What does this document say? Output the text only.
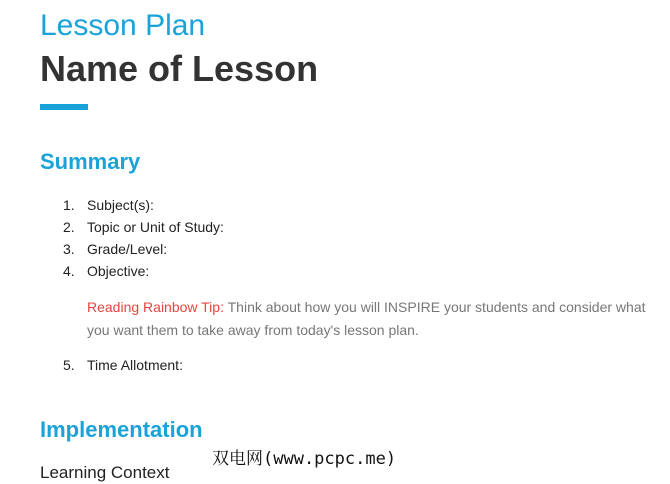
Lesson Plan

Name of Lesson
Summary
1. Subject(s):
2. Topic or Unit of Study:
3. Grade/Level:
4. Objective:

Reading Rainbow Tip: Think about how you will INSPIRE your students and consider what you want them to take away from today's lesson plan.

5. Time Allotment:
Implementation
Learning Context
双电网(www.pcpc.me)
